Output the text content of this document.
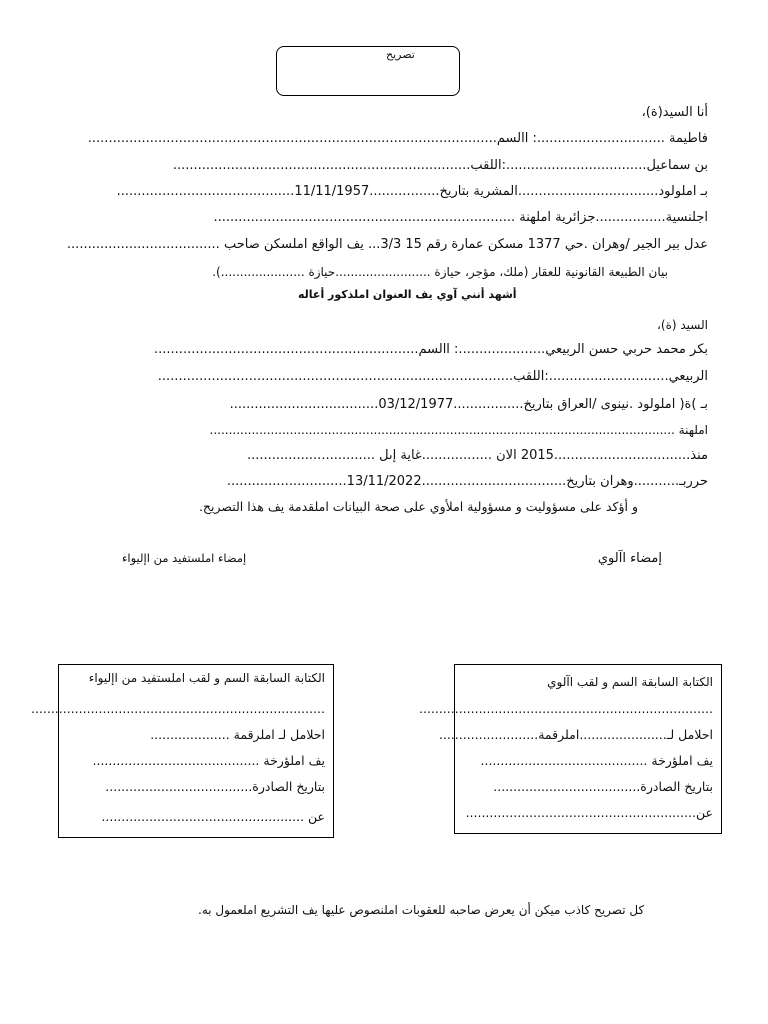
تصريح
أنا السيد(ة)،
فاطيمة ...............................: االسم...................................................................................................
بن سماعيل..................................:اللقب........................................................................
بـ املولود..................................المشرية بتاريخ.................11/11/1957...........................................
اجلنسية.................جزائرية املهنة .........................................................................
عدل بير الجير /وهران .حي 1377 مسكن عمارة رقم 15 3/3... يف الواقع املسكن صاحب .....................................
بيان الطبيعة القانونية للعقار (ملك، مؤجر، حيازة .........................حيازة ......................).
أشهد أنني آوي يف العنوان املذكور أعاله
السيد (ة)،
بكر محمد حربي حسن الربيعي.....................: االسم................................................................
الربيعي.............................:اللقب......................................................................................
بـ )ة( املولود .نينوى /العراق بتاريخ.................03/12/1977....................................
املهنة ..........................................................................................................................
منذ.................................2015 الان .................غاية إىل ...............................
حرربـ...........وهران بتاريخ...................................13/11/2022.............................
و أؤكد على مسؤوليت و مسؤولية املأوي على صحة البيانات املقدمة يف هذا التصريح.
إمضاء اآلوي
إمضاء املستفيد من اإليواء
الكتابة السابقة السم و لقب املستفيد من اإليواء
..........................................................................
احلامل لـ املرقمة ....................
يف املؤرخة ..........................................
بتاريخ الصادرة.....................................
عن ...................................................
الكتابة السابقة السم و لقب اآلوي
..........................................................................
احلامل لـ......................املرقمة.........................
يف املؤرخة ..........................................
بتاريخ الصادرة.....................................
عن..........................................................
كل تصريح كاذب ميكن أن يعرض صاحبه للعقوبات املنصوص عليها يف التشريع املعمول به.
